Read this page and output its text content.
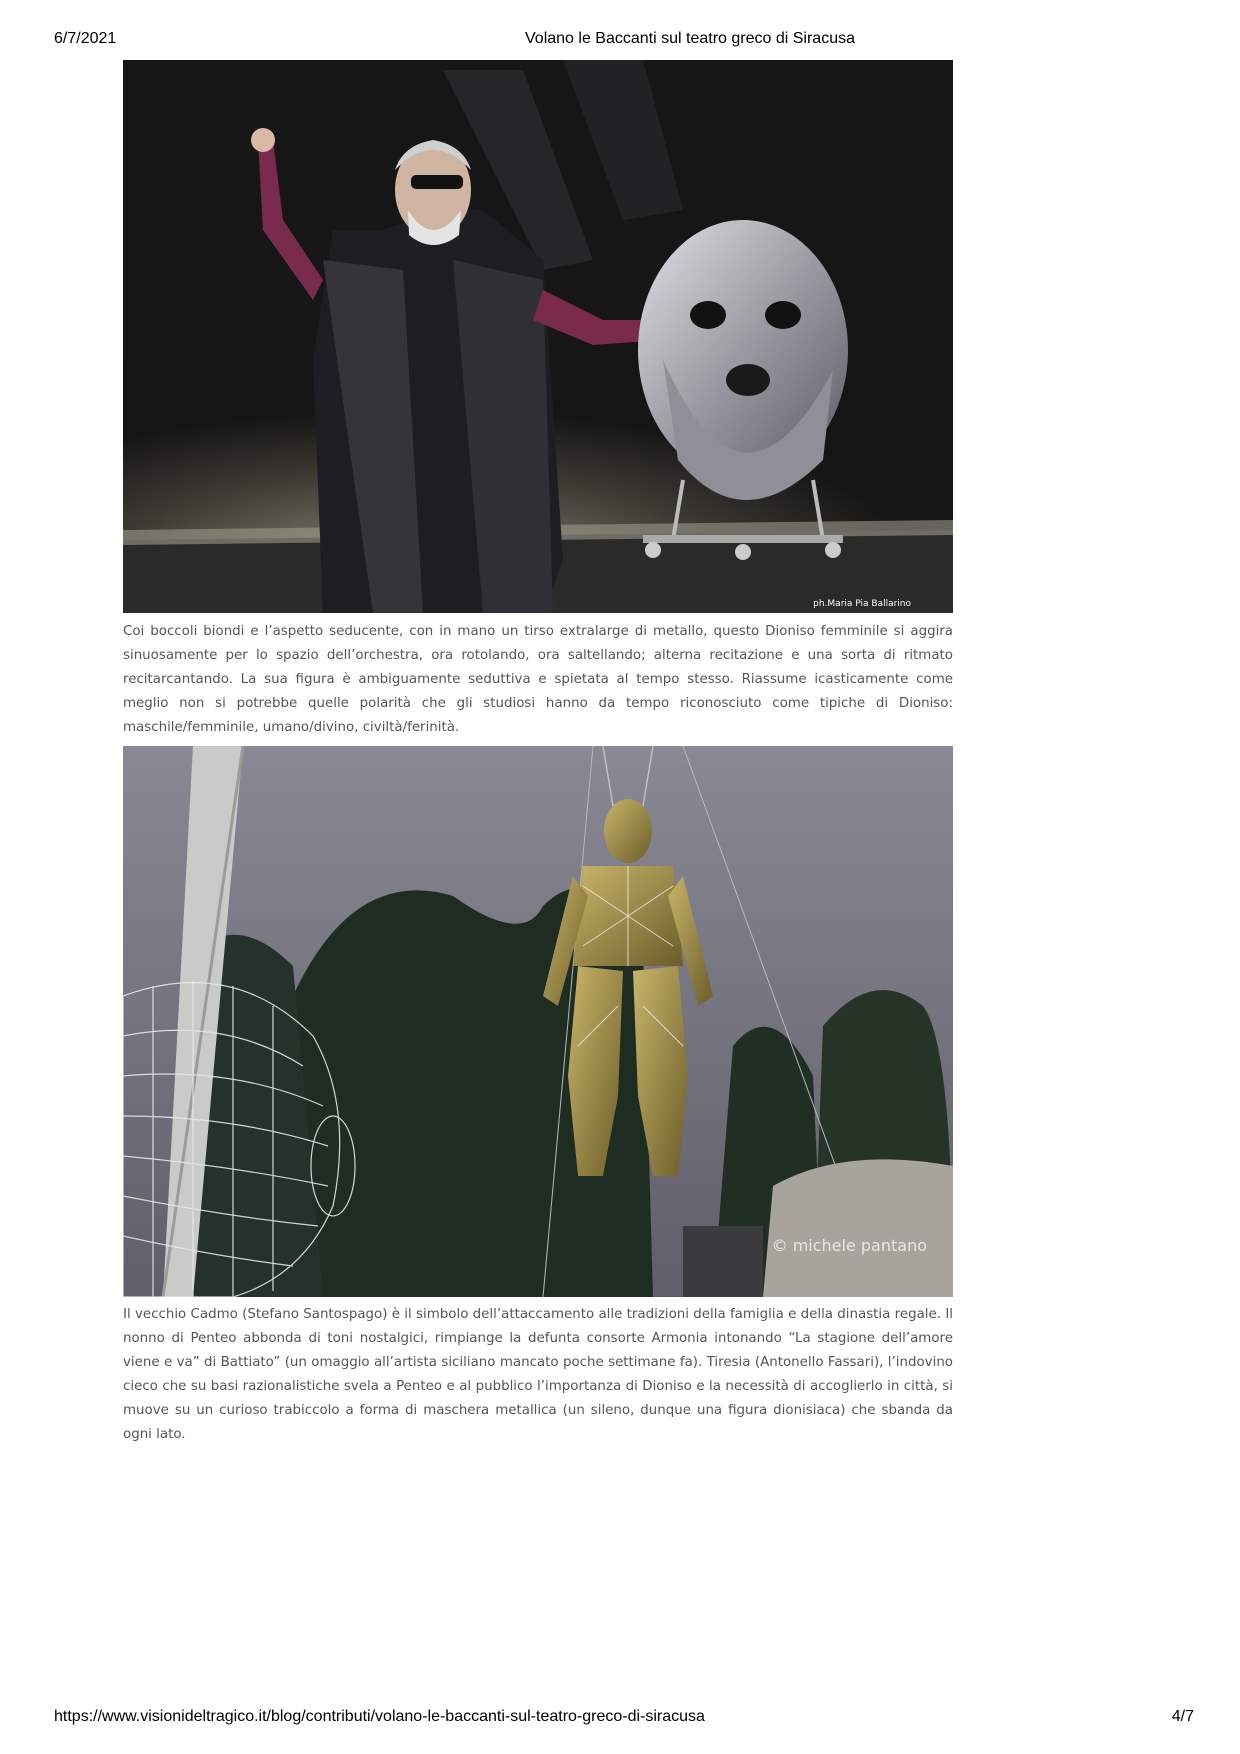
6/7/2021	Volano le Baccanti sul teatro greco di Siracusa
ph.Maria Pia Ballarino
Coi boccoli biondi e l’aspetto seducente, con in mano un tirso extralarge di metallo, questo Dioniso femminile si aggira sinuosamente per lo spazio dell’orchestra, ora rotolando, ora saltellando; alterna recitazione e una sorta di ritmato recitarcantando. La sua figura è ambiguamente seduttiva e spietata al tempo stesso. Riassume icasticamente come meglio non si potrebbe quelle polarità che gli studiosi hanno da tempo riconosciuto come tipiche di Dioniso: maschile/femminile, umano/divino, civiltà/ferinità.
© michele pantano
Il vecchio Cadmo (Stefano Santospago) è il simbolo dell’attaccamento alle tradizioni della famiglia e della dinastia regale. Il nonno di Penteo abbonda di toni nostalgici, rimpiange la defunta consorte Armonia intonando “La stagione dell’amore viene e va” di Battiato” (un omaggio all’artista siciliano mancato poche settimane fa). Tiresia (Antonello Fassari), l’indovino cieco che su basi razionalistiche svela a Penteo e al pubblico l’importanza di Dioniso e la necessità di accoglierlo in città, si muove su un curioso trabiccolo a forma di maschera metallica (un sileno, dunque una figura dionisiaca) che sbanda da ogni lato.
https://www.visionideltragico.it/blog/contributi/volano-le-baccanti-sul-teatro-greco-di-siracusa	4/7
